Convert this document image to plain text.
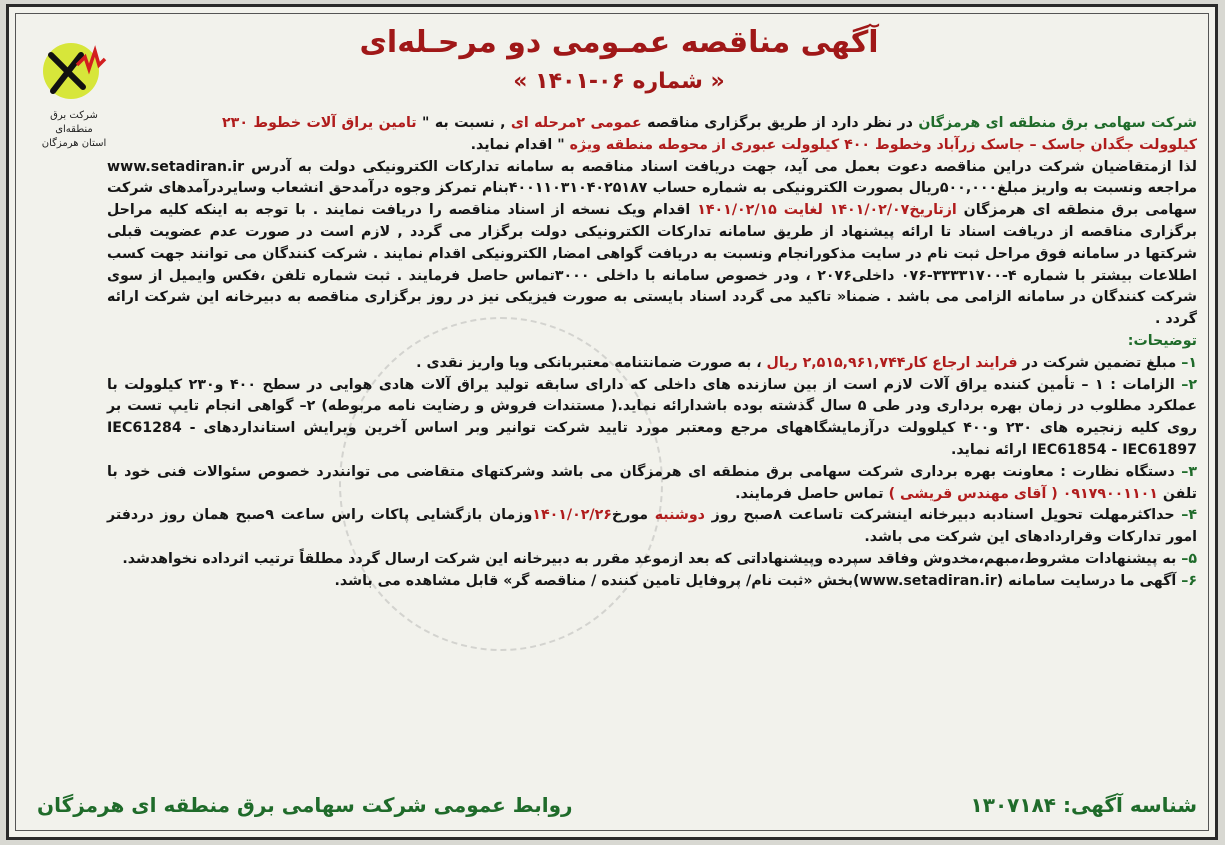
شرکت برق منطقه‌ای
استان هرمزگان
آگهی مناقصه عمـومی دو مرحـله‌ای
« شماره ۰۶-۱۴۰۱ »

شرکت سهامی برق منطقه ای هرمزگان در نظر دارد از طریق برگزاری مناقصه عمومی ۲مرحله ای , نسبت به " تامین یراق آلات خطوط ۲۳۰ کیلوولت جگدان جاسک – جاسک زرآباد وخطوط ۴۰۰ کیلوولت عبوری از محوطه منطقه ویژه " اقدام نماید.

لذا ازمتقاضیان شرکت دراین مناقصه دعوت بعمل می آید، جهت دریافت اسناد مناقصه به سامانه تدارکات الکترونیکی دولت به آدرس www.setadiran.ir مراجعه ونسبت به واریز مبلغ۵۰۰,۰۰۰ریال بصورت الکترونیکی به شماره حساب ۴۰۰۱۱۰۳۱۰۴۰۲۵۱۸۷بنام تمرکز وجوه درآمدحق انشعاب وسایردرآمدهای شرکت سهامی برق منطقه ای هرمزگان ازتاریخ۱۴۰۱/۰۲/۰۷ لغایت ۱۴۰۱/۰۲/۱۵ اقدام ویک نسخه از اسناد مناقصه را دریافت نمایند . با توجه به اینکه کلیه مراحل برگزاری مناقصه از دریافت اسناد تا ارائه پیشنهاد از طریق سامانه تدارکات الکترونیکی دولت برگزار می گردد , لازم است در صورت عدم عضویت قبلی شرکتها در سامانه فوق مراحل ثبت نام در سایت مذکورانجام ونسبت به دریافت گواهی امضا, الکترونیکی اقدام نمایند . شرکت کنندگان می توانند جهت کسب اطلاعات بیشتر با شماره ۴-۳۳۳۳۱۷۰۰-۰۷۶ داخلی۲۰۷۶ ، ودر خصوص سامانه با داخلی ۳۰۰۰تماس حاصل فرمایند . ثبت شماره تلفن ،فکس وایمیل از سوی شرکت کنندگان در سامانه الزامی می باشد . ضمنا« تاکید می گردد اسناد بایستی به صورت فیزیکی نیز در روز برگزاری مناقصه به دبیرخانه این شرکت ارائه گردد .

توضیحات:

۱– مبلغ تضمین شرکت در فرایند ارجاع کار۲,۵۱۵,۹۶۱,۷۴۴ ریال ، به صورت ضمانتنامه معتبربانکی ویا واریز نقدی .

۲– الزامات : ۱ – تأمین کننده یراق آلات لازم است از بین سازنده های داخلی که دارای سابقه تولید یراق آلات هادی هوایی در سطح ۴۰۰ و۲۳۰ کیلوولت با عملکرد مطلوب در زمان بهره برداری ودر طی ۵ سال گذشته بوده باشدارائه نماید.( مستندات فروش و رضایت نامه مربوطه) ۲– گواهی انجام تایپ تست بر روی کلیه زنجیره های ۲۳۰ و۴۰۰ کیلوولت درآزمایشگاههای مرجع ومعتبر مورد تایید شرکت توانیر وبر اساس آخرین ویرایش استانداردهای IEC61284 - IEC61854 - IEC61897 ارائه نماید.

۳– دستگاه نظارت : معاونت بهره برداری شرکت سهامی برق منطقه ای هرمزگان می باشد وشرکتهای متقاضی می توانندرد خصوص سئوالات فنی خود با تلفن ۰۹۱۷۹۰۰۱۱۰۱ ( آقای مهندس قریشی ) تماس حاصل فرمایند.

۴– حداکثرمهلت تحویل اسنادبه دبیرخانه اینشرکت تاساعت ۸صبح روز دوشنبه مورخ۱۴۰۱/۰۲/۲۶وزمان بازگشایی پاکات راس ساعت ۹صبح همان روز دردفتر امور تدارکات وقراردادهای این شرکت می باشد.

۵– به پیشنهادات مشروط،مبهم،مخدوش وفاقد سپرده وپیشنهاداتی که بعد ازموعد مقرر به دبیرخانه این شرکت ارسال گردد مطلقاً ترتیب اثرداده نخواهدشد.

۶– آگهی ما درسایت سامانه (www.setadiran.ir)بخش «ثبت نام/ پروفایل تامین کننده / مناقصه گر» قابل مشاهده می باشد.

شناسه آگهی: ۱۳۰۷۱۸۴
روابط عمومی شرکت سهامی برق منطقه ای هرمزگان
